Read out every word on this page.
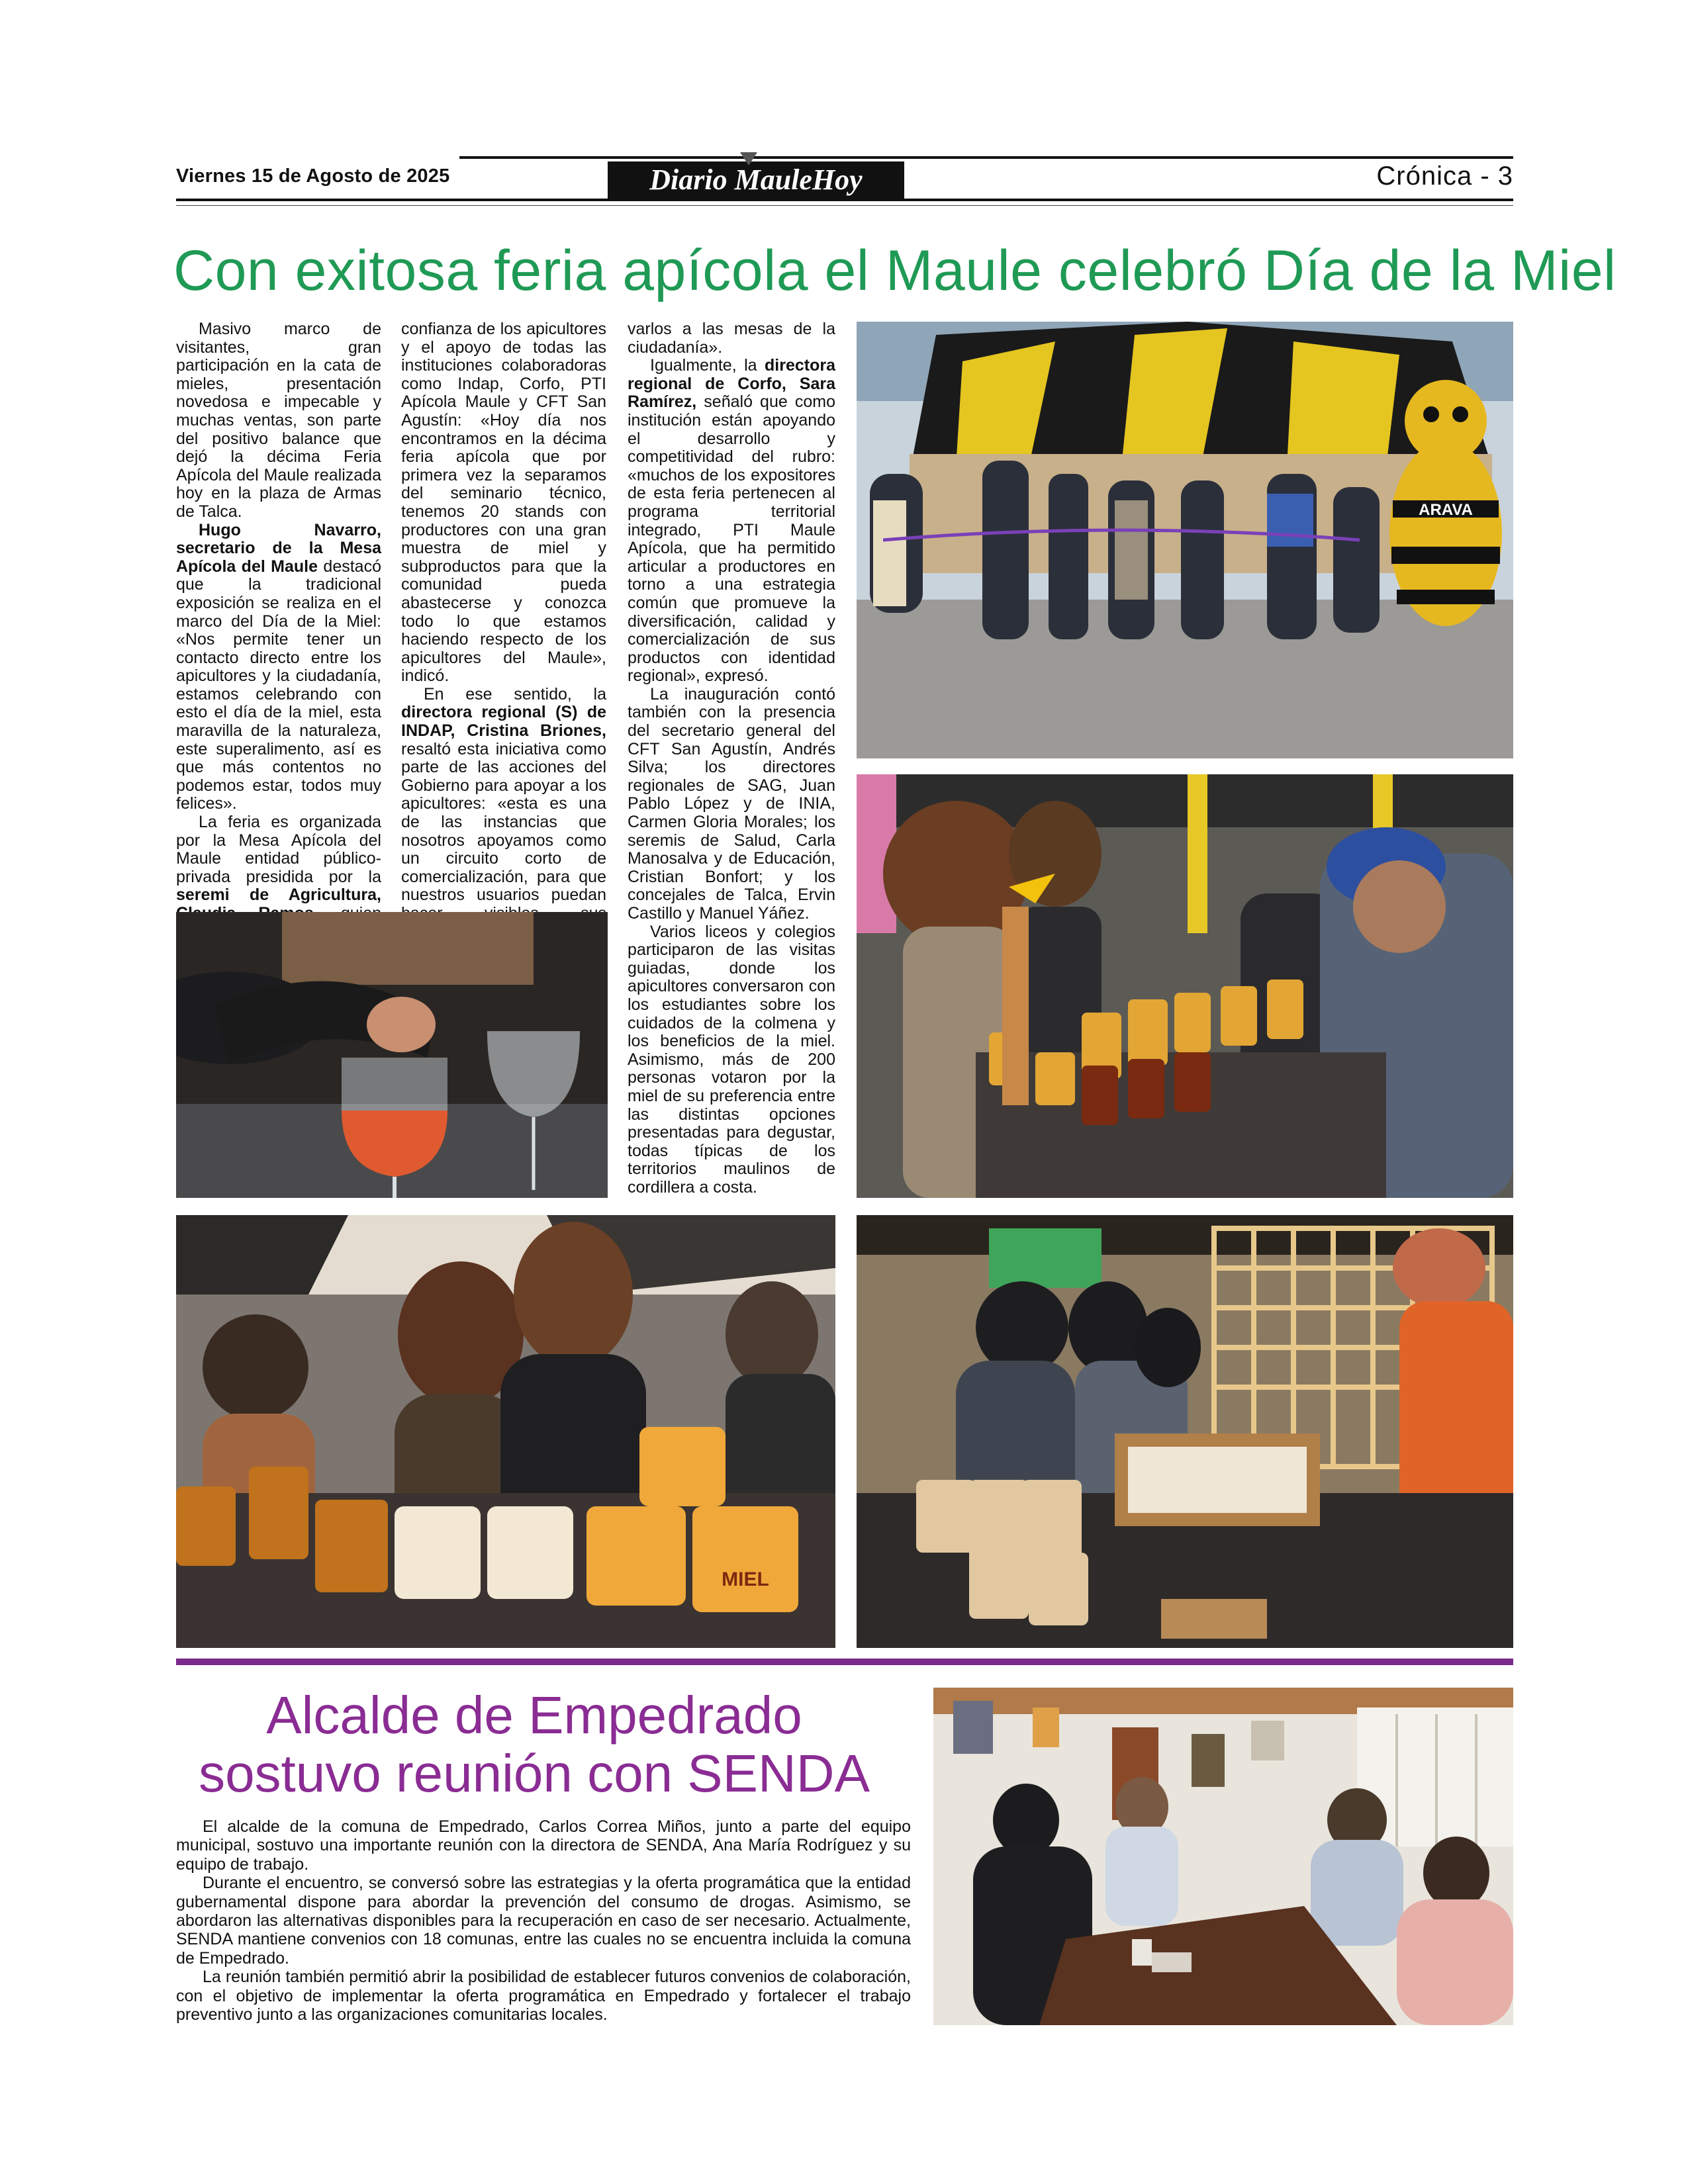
Viernes 15 de Agosto de 2025	Diario MauleHoy	Crónica - 3
Con exitosa feria apícola el Maule celebró Día de la Miel

Masivo marco de visitantes, gran participación en la cata de mieles, presentación novedosa e impecable y muchas ventas, son parte del positivo balance que dejó la décima Feria Apícola del Maule realizada hoy en la plaza de Armas de Talca.

Hugo Navarro, secretario de la Mesa Apícola del Maule destacó que la tradicional exposición se realiza en el marco del Día de la Miel: «Nos permite tener un contacto directo entre los apicultores y la ciudadanía, estamos celebrando con esto el día de la miel, esta maravilla de la naturaleza, este superalimento, así es que más contentos no podemos estar, todos muy felices».

La feria es organizada por la Mesa Apícola del Maule entidad público-privada presidida por la seremi de Agricultura,

confianza de los apicultores y el apoyo de todas las instituciones colaboradoras como Indap, Corfo, PTI Apícola Maule y CFT San Agustín: «Hoy día nos encontramos en la décima feria apícola que por primera vez la separamos del seminario técnico, tenemos 20 stands con productores con una gran muestra de miel y subproductos para que la comunidad pueda abastecerse y conozca todo lo que estamos haciendo respecto de los apicultores del Maule», indicó.

En ese sentido, la directora regional (S) de INDAP, Cristina Briones, resaltó esta iniciativa como parte de las acciones del Gobierno para apoyar a los apicultores: «esta es una de las instancias que nosotros apoyamos como un circuito corto de comercialización, para que nuestros usuarios puedan

varlos a las mesas de la ciudadanía».

Igualmente, la directora regional de Corfo, Sara Ramírez, señaló que como institución están apoyando el desarrollo y competitividad del rubro: «muchos de los expositores de esta feria pertenecen al programa territorial integrado, PTI Maule Apícola, que ha permitido articular a productores en torno a una estrategia común que promueve la diversificación, calidad y comercialización de sus productos con identidad regional», expresó.

La inauguración contó también con la presencia del secretario general del CFT San Agustín, Andrés Silva; los directores regionales de SAG, Juan Pablo López y de INIA, Carmen Gloria Morales; los seremis de Salud, Carla Manosalva y de Educación, Cristian Bonfort; y los concejales de Talca, Ervin Castillo y Manuel Yáñez.

Varios liceos y colegios participaron de las visitas guiadas, donde los apicultores conversaron con los estudiantes sobre los cuidados de la colmena y los beneficios de la miel. Asimismo, más de 200 personas votaron por la miel de su preferencia entre las distintas opciones presentadas para degustar, todas típicas de los territorios maulinos de cordillera a costa.

ARAVA
MIEL
Alcalde de Empedrado
sostuvo reunión con SENDA

El alcalde de la comuna de Empedrado, Carlos Correa Miños, junto a parte del equipo municipal, sostuvo una importante reunión con la directora de SENDA, Ana María Rodríguez y su equipo de trabajo.

Durante el encuentro, se conversó sobre las estrategias y la oferta programática que la entidad gubernamental dispone para abordar la prevención del consumo de drogas. Asimismo, se abordaron las alternativas disponibles para la recuperación en caso de ser necesario. Actualmente, SENDA mantiene convenios con 18 comunas, entre las cuales no se encuentra incluida la comuna de Empedrado.

La reunión también permitió abrir la posibilidad de establecer futuros convenios de colaboración, con el objetivo de implementar la oferta programática en Empedrado y fortalecer el trabajo preventivo junto a las organizaciones comunitarias locales.
